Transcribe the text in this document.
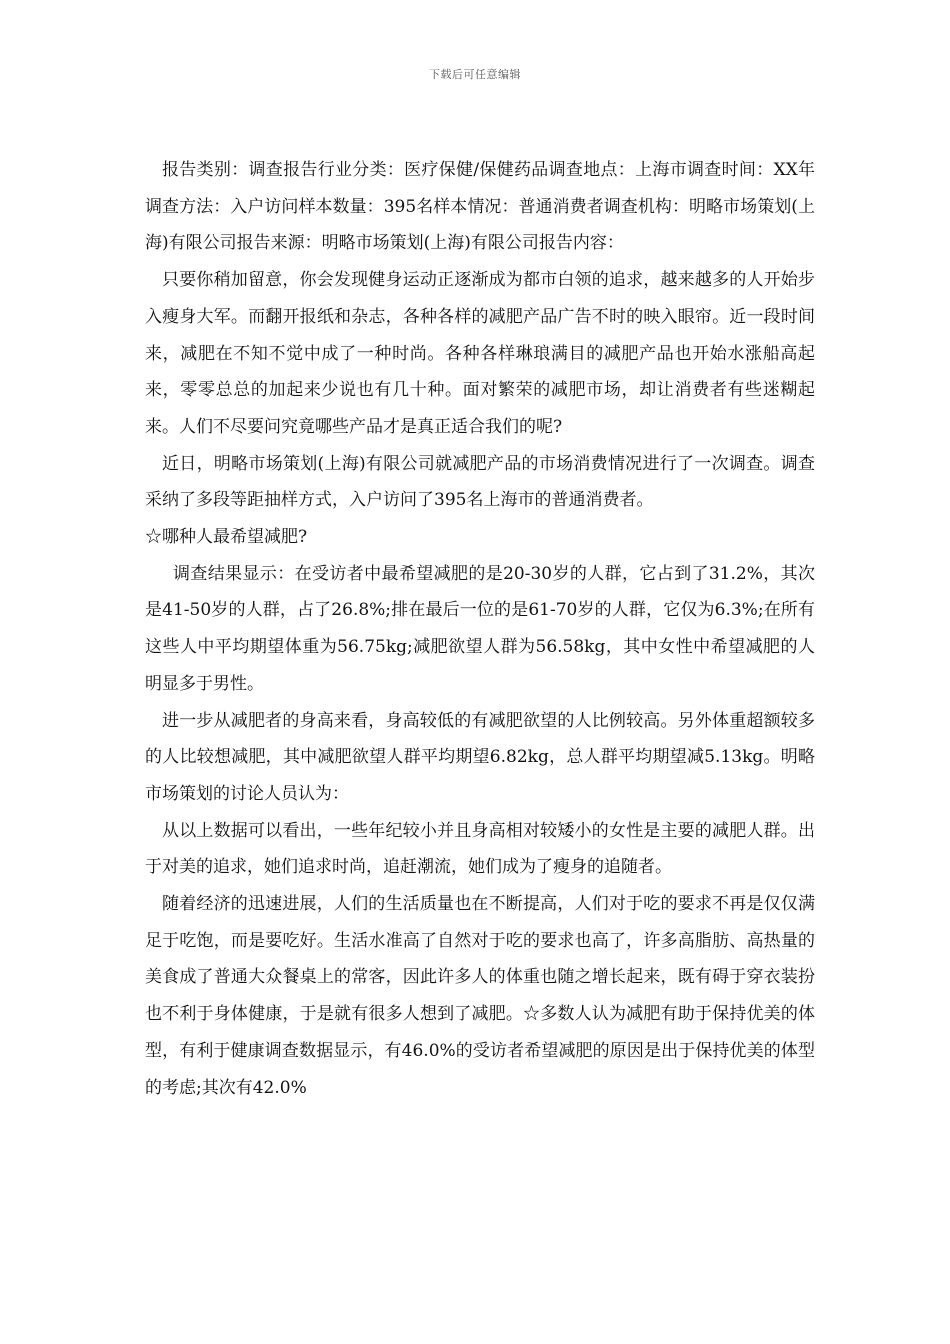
下载后可任意编辑

报告类别：调查报告行业分类：医疗保健/保健药品调查地点：上海市调查时间：XX年调查方法：入户访问样本数量：395名样本情况：普通消费者调查机构：明略市场策划(上海)有限公司报告来源：明略市场策划(上海)有限公司报告内容：

只要你稍加留意，你会发现健身运动正逐渐成为都市白领的追求，越来越多的人开始步入瘦身大军。而翻开报纸和杂志，各种各样的减肥产品广告不时的映入眼帘。近一段时间来，减肥在不知不觉中成了一种时尚。各种各样琳琅满目的减肥产品也开始水涨船高起来，零零总总的加起来少说也有几十种。面对繁荣的减肥市场，却让消费者有些迷糊起来。人们不尽要问究竟哪些产品才是真正适合我们的呢?

近日，明略市场策划(上海)有限公司就减肥产品的市场消费情况进行了一次调查。调查采纳了多段等距抽样方式，入户访问了395名上海市的普通消费者。

☆哪种人最希望减肥?

调查结果显示：在受访者中最希望减肥的是20-30岁的人群，它占到了31.2%，其次是41-50岁的人群，占了26.8%;排在最后一位的是61-70岁的人群，它仅为6.3%;在所有这些人中平均期望体重为56.75kg;减肥欲望人群为56.58kg，其中女性中希望减肥的人明显多于男性。

进一步从减肥者的身高来看，身高较低的有减肥欲望的人比例较高。另外体重超额较多的人比较想减肥，其中减肥欲望人群平均期望6.82kg，总人群平均期望减5.13kg。明略市场策划的讨论人员认为：

从以上数据可以看出，一些年纪较小并且身高相对较矮小的女性是主要的减肥人群。出于对美的追求，她们追求时尚，追赶潮流，她们成为了瘦身的追随者。

随着经济的迅速进展，人们的生活质量也在不断提高，人们对于吃的要求不再是仅仅满足于吃饱，而是要吃好。生活水准高了自然对于吃的要求也高了，许多高脂肪、高热量的美食成了普通大众餐桌上的常客，因此许多人的体重也随之增长起来，既有碍于穿衣装扮也不利于身体健康，于是就有很多人想到了减肥。☆多数人认为减肥有助于保持优美的体型，有利于健康调查数据显示，有46.0%的受访者希望减肥的原因是出于保持优美的体型的考虑;其次有42.0%
